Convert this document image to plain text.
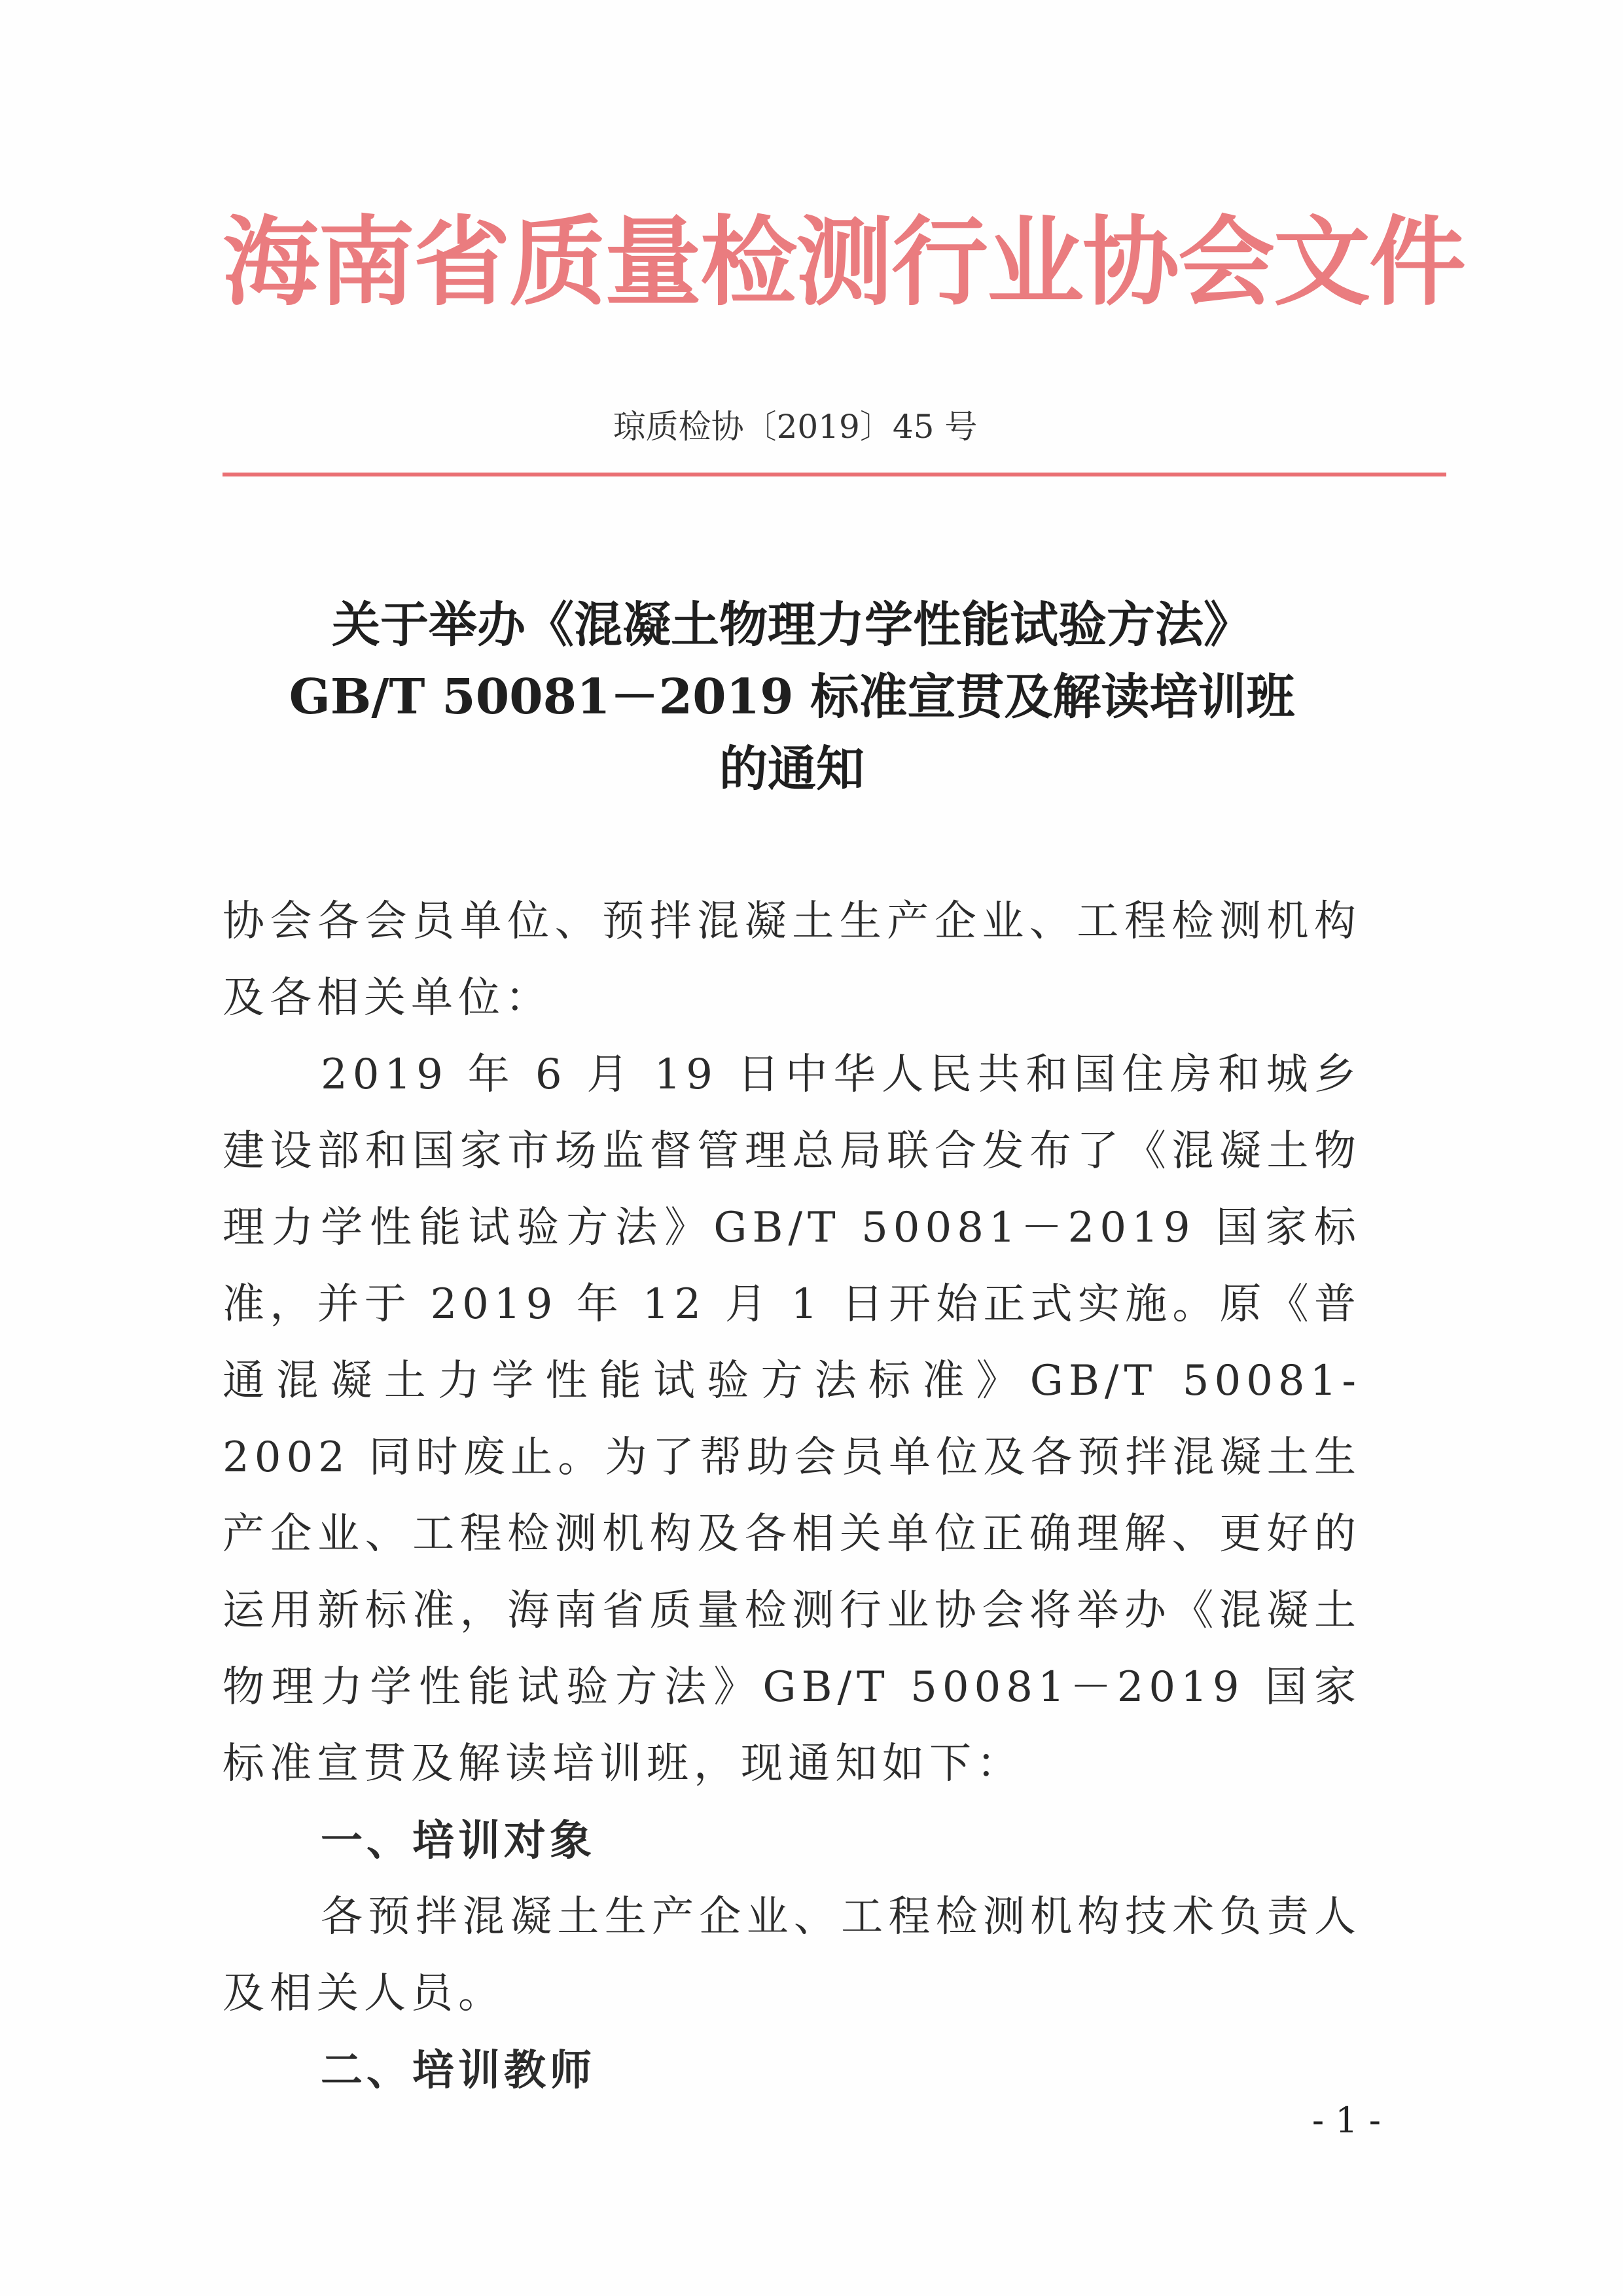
海南省质量检测行业协会文件
琼质检协〔2019〕45 号
关于举办《混凝土物理力学性能试验方法》
GB/T 50081－2019 标准宣贯及解读培训班
的通知

协会各会员单位、预拌混凝土生产企业、工程检测机构及各相关单位：

2019 年 6 月 19 日中华人民共和国住房和城乡建设部和国家市场监督管理总局联合发布了《混凝土物理力学性能试验方法》GB/T 50081－2019 国家标准，并于 2019 年 12 月 1 日开始正式实施。原《普通混凝土力学性能试验方法标准》GB/T 50081-2002 同时废止。为了帮助会员单位及各预拌混凝土生产企业、工程检测机构及各相关单位正确理解、更好的运用新标准，海南省质量检测行业协会将举办《混凝土物理力学性能试验方法》GB/T 50081－2019 国家标准宣贯及解读培训班，现通知如下：

一、培训对象

各预拌混凝土生产企业、工程检测机构技术负责人及相关人员。

二、培训教师

- 1 -
